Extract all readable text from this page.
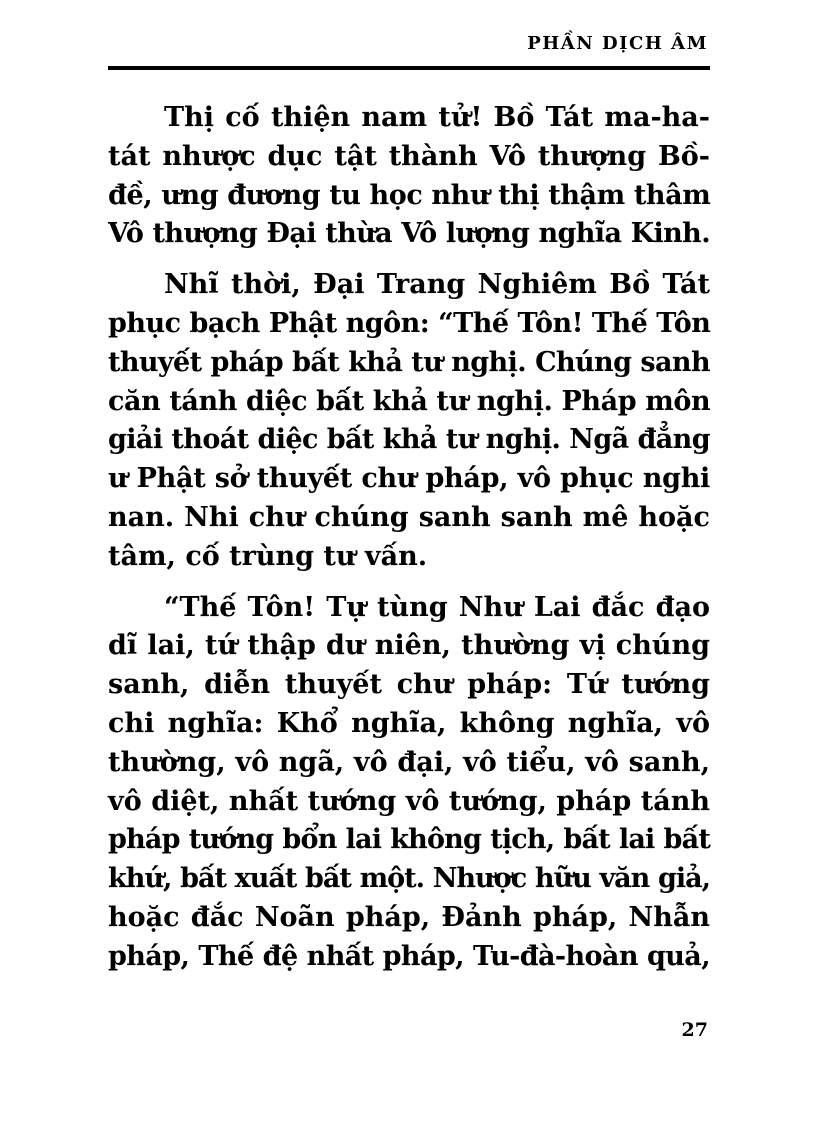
PHẦN DỊCH ÂM

Thị cố thiện nam tử! Bồ Tát ma-ha-
tát nhược dục tật thành Vô thượng Bồ-
đề, ưng đương tu học như thị thậm thâm
Vô thượng Đại thừa Vô lượng nghĩa Kinh.

Nhĩ thời, Đại Trang Nghiêm Bồ Tát
phục bạch Phật ngôn: “Thế Tôn! Thế Tôn
thuyết pháp bất khả tư nghị. Chúng sanh
căn tánh diệc bất khả tư nghị. Pháp môn
giải thoát diệc bất khả tư nghị. Ngã đẳng
ư Phật sở thuyết chư pháp, vô phục nghi
nan. Nhi chư chúng sanh sanh mê hoặc
tâm, cố trùng tư vấn.

“Thế Tôn! Tự tùng Như Lai đắc đạo
dĩ lai, tứ thập dư niên, thường vị chúng
sanh, diễn thuyết chư pháp: Tứ tướng
chi nghĩa: Khổ nghĩa, không nghĩa, vô
thường, vô ngã, vô đại, vô tiểu, vô sanh,
vô diệt, nhất tướng vô tướng, pháp tánh
pháp tướng bổn lai không tịch, bất lai bất
khứ, bất xuất bất một. Nhược hữu văn giả,
hoặc đắc Noãn pháp, Đảnh pháp, Nhẫn
pháp, Thế đệ nhất pháp, Tu-đà-hoàn quả,

27
